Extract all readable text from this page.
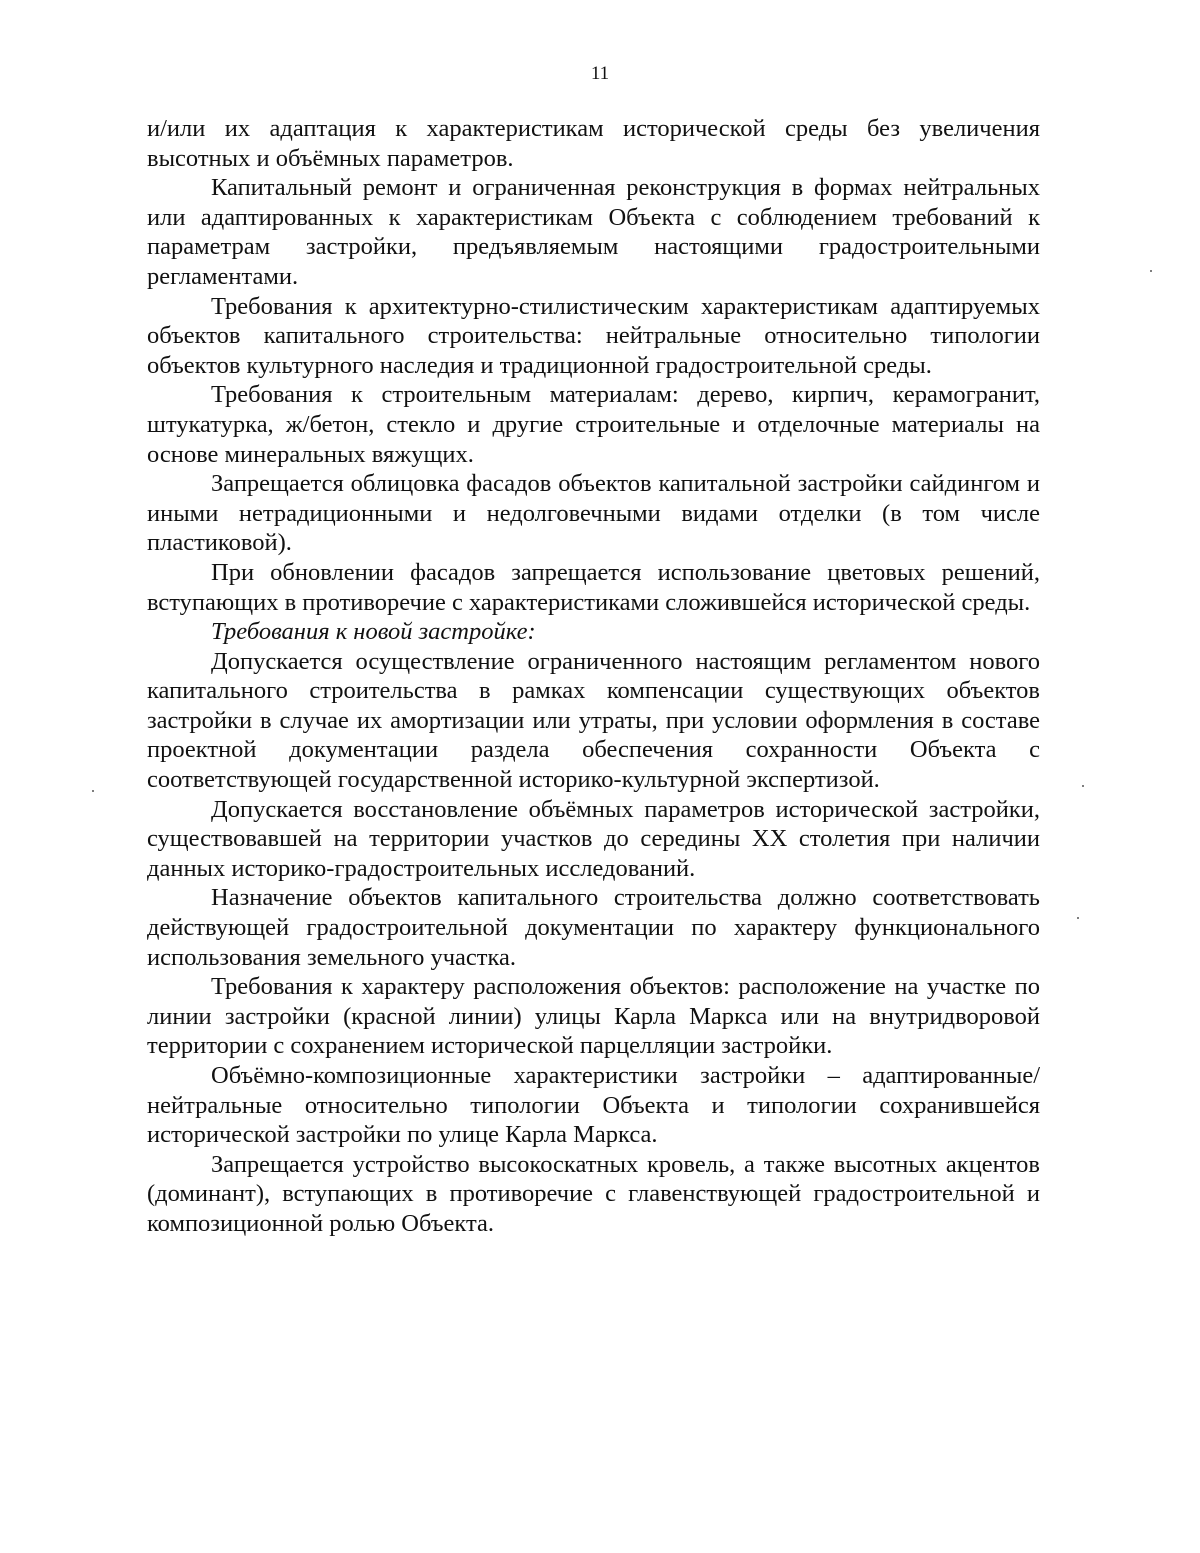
11

и/или их адаптация к характеристикам исторической среды без увеличения высотных и объёмных параметров.

Капитальный ремонт и ограниченная реконструкция в формах нейтральных или адаптированных к характеристикам Объекта с соблюдением требований к параметрам застройки, предъявляемым настоящими градостроительными регламентами.

Требования к архитектурно-стилистическим характеристикам адаптируемых объектов капитального строительства: нейтральные относительно типологии объектов культурного наследия и традиционной градостроительной среды.

Требования к строительным материалам: дерево, кирпич, керамогранит, штукатурка, ж/бетон, стекло и другие строительные и отделочные материалы на основе минеральных вяжущих.

Запрещается облицовка фасадов объектов капитальной застройки сайдингом и иными нетрадиционными и недолговечными видами отделки (в том числе пластиковой).

При обновлении фасадов запрещается использование цветовых решений, вступающих в противоречие с характеристиками сложившейся исторической среды.

Требования к новой застройке:

Допускается осуществление ограниченного настоящим регламентом нового капитального строительства в рамках компенсации существующих объектов застройки в случае их амортизации или утраты, при условии оформления в составе проектной документации раздела обеспечения сохранности Объекта с соответствующей государственной историко-культурной экспертизой.

Допускается восстановление объёмных параметров исторической застройки, существовавшей на территории участков до середины XX столетия при наличии данных историко-градостроительных исследований.

Назначение объектов капитального строительства должно соответствовать действующей градостроительной документации по характеру функционального использования земельного участка.

Требования к характеру расположения объектов: расположение на участке по линии застройки (красной линии) улицы Карла Маркса или на внутридворовой территории с сохранением исторической парцелляции застройки.

Объёмно-композиционные характеристики застройки – адаптированные/ нейтральные относительно типологии Объекта и типологии сохранившейся исторической застройки по улице Карла Маркса.

Запрещается устройство высокоскатных кровель, а также высотных акцентов (доминант), вступающих в противоречие с главенствующей градостроительной и композиционной ролью Объекта.
